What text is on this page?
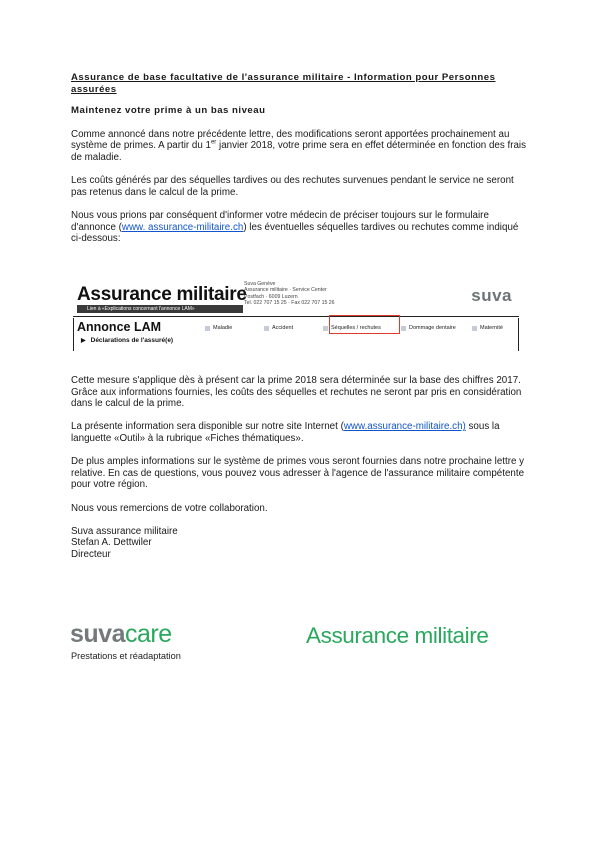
Assurance de base facultative de l'assurance militaire - Information pour Personnes assurées
Maintenez votre prime à un bas niveau

Comme annoncé dans notre précédente lettre, des modifications seront apportées prochainement au système de primes. A partir du 1er janvier 2018, votre prime sera en effet déterminée en fonction des frais de maladie.

Les coûts générés par des séquelles tardives ou des rechutes survenues pendant le service ne seront pas retenus dans le calcul de la prime.

Nous vous prions par conséquent d'informer votre médecin de préciser toujours sur le formulaire d'annonce (www. assurance-militaire.ch) les éventuelles séquelles tardives ou rechutes comme indiqué ci-dessous:

Assurance militaire
Suva Genève
Assurance militaire · Service Center
Postfach · 6009 Luzern
Tel. 022 707 15 25 · Fax 022 707 15 26	suva
Lien à «Explications concernant l'annonce LAM»
Annonce LAM	Maladie	Accident	Séquelles / rechutes	Dommage dentaire	Maternité
▶ Déclarations de l'assuré(e)

Cette mesure s'applique dès à présent car la prime 2018 sera déterminée sur la base des chiffres 2017. Grâce aux informations fournies, les coûts des séquelles et rechutes ne seront par pris en considération dans le calcul de la prime.

La présente information sera disponible sur notre site Internet (www.assurance-militaire.ch) sous la languette «Outil» à la rubrique «Fiches thématiques».

De plus amples informations sur le système de primes vous seront fournies dans notre prochaine lettre y relative. En cas de questions, vous pouvez vous adresser à l'agence de l'assurance militaire compétente pour votre région.

Nous vous remercions de votre collaboration.

Suva assurance militaire
Stefan A. Dettwiler
Directeur
suvacare
Prestations et réadaptation
Assurance militaire
